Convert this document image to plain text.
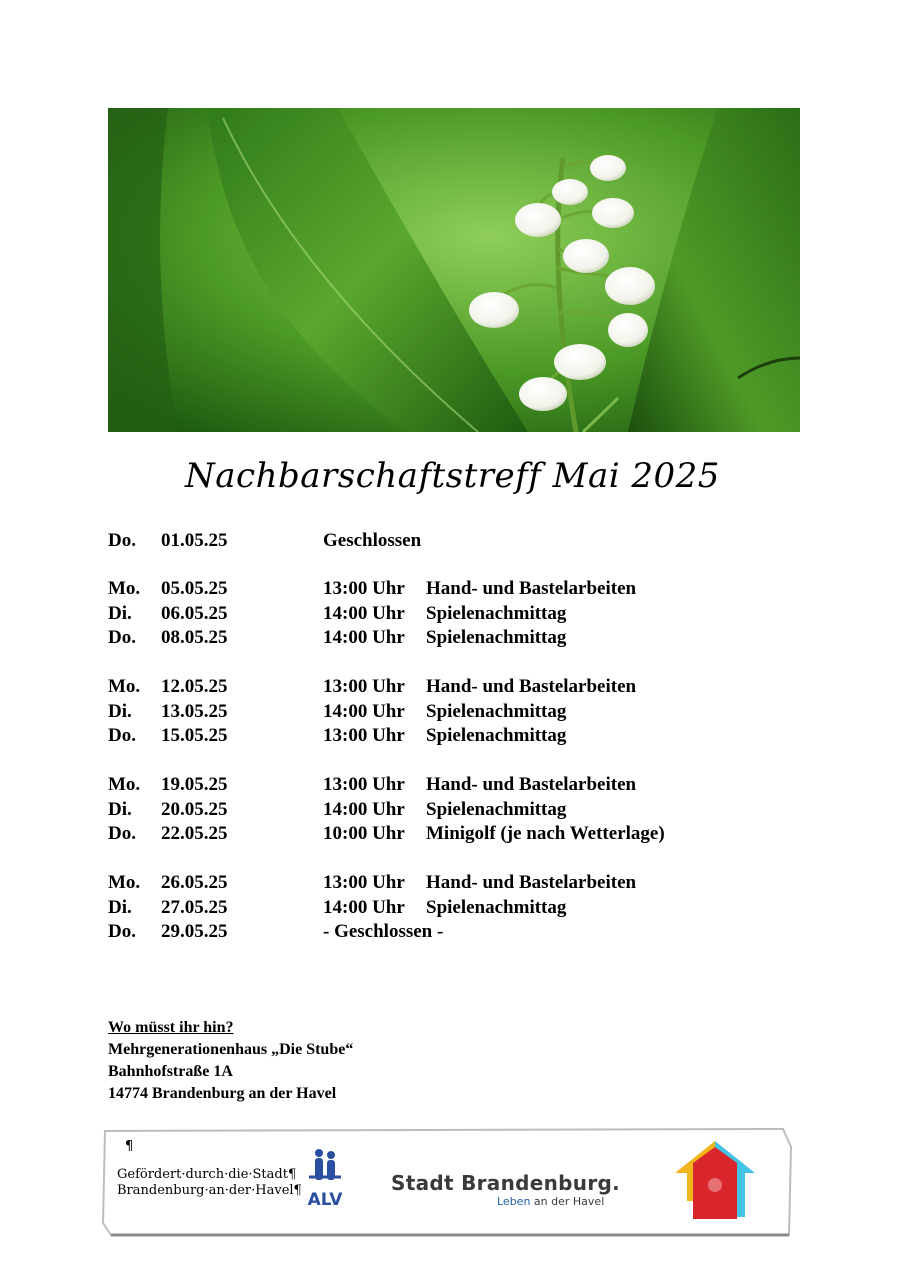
Nachbarschaftstreff Mai 2025
Do. 01.05.25	Geschlossen
Mo. 05.05.25	13:00 Uhr Hand- und Bastelarbeiten
Di. 06.05.25	14:00 Uhr Spielenachmittag
Do. 08.05.25	14:00 Uhr Spielenachmittag
Mo. 12.05.25	13:00 Uhr Hand- und Bastelarbeiten
Di. 13.05.25	14:00 Uhr Spielenachmittag
Do. 15.05.25	13:00 Uhr Spielenachmittag
Mo. 19.05.25	13:00 Uhr Hand- und Bastelarbeiten
Di. 20.05.25	14:00 Uhr Spielenachmittag
Do. 22.05.25	10:00 Uhr Minigolf (je nach Wetterlage)
Mo. 26.05.25	13:00 Uhr Hand- und Bastelarbeiten
Di. 27.05.25	14:00 Uhr Spielenachmittag
Do. 29.05.25	- Geschlossen -
Wo müsst ihr hin?
Mehrgenerationenhaus „Die Stube“
Bahnhofstraße 1A
14774 Brandenburg an der Havel
¶
Gefördert·durch·die·Stadt¶
Brandenburg·an·der·Havel¶ ALV
Stadt Brandenburg.
Leben an der Havel
